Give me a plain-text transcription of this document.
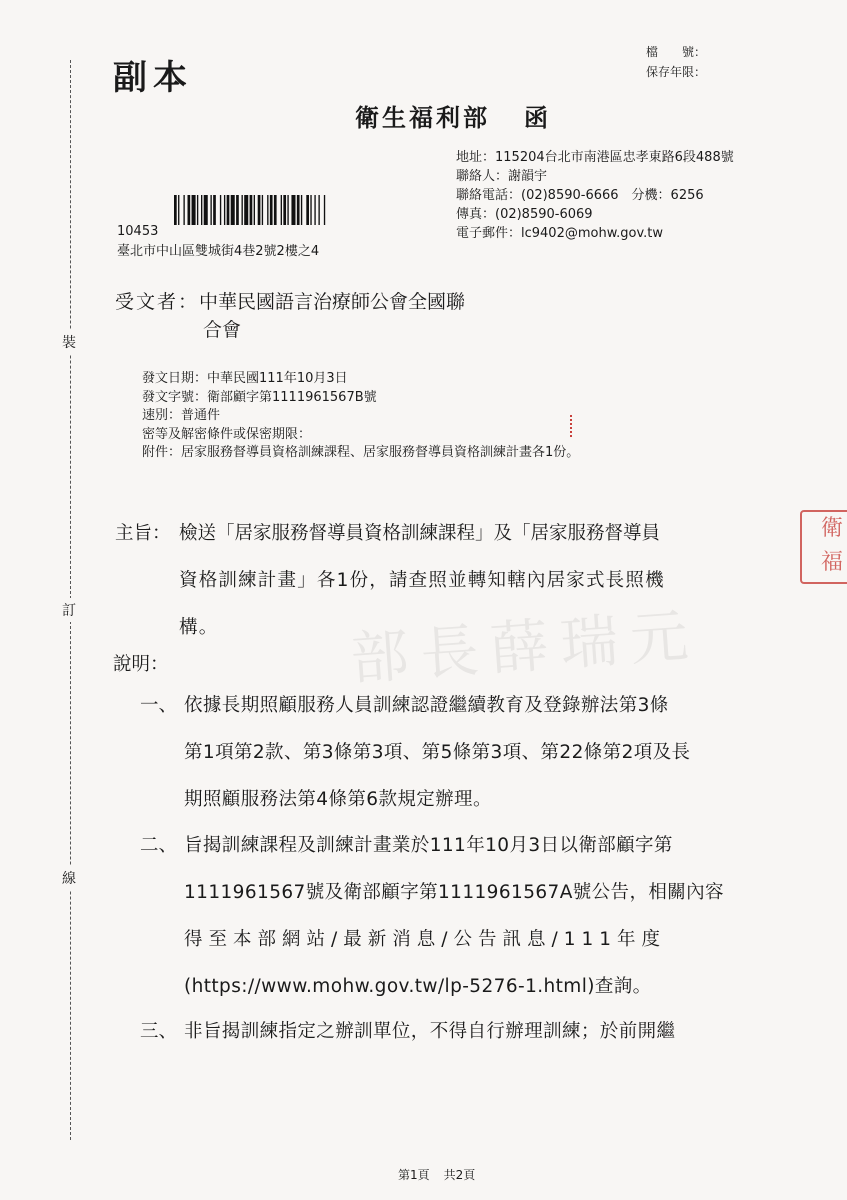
裝
訂
線
副本
檔　　號：
保存年限：
衛生福利部 函
地址：115204台北市南港區忠孝東路6段488號
聯絡人：謝韻宇
聯絡電話：(02)8590-6666　分機：6256
傳真：(02)8590-6069
電子郵件：lc9402@mohw.gov.tw
10453
臺北市中山區雙城街4巷2號2樓之4
受文者：中華民國語言治療師公會全國聯
合會
發文日期：中華民國111年10月3日
發文字號：衛部顧字第1111961567B號
速別：普通件
密等及解密條件或保密期限：
附件：居家服務督導員資格訓練課程、居家服務督導員資格訓練計畫各1份。
部長薛瑞元
主旨： 檢送「居家服務督導員資格訓練課程」及「居家服務督導員
資格訓練計畫」各1份，請查照並轉知轄內居家式長照機
構。
衛
福
說明：
一、 依據長期照顧服務人員訓練認證繼續教育及登錄辦法第3條
第1項第2款、第3條第3項、第5條第3項、第22條第2項及長
期照顧服務法第4條第6款規定辦理。
二、 旨揭訓練課程及訓練計畫業於111年10月3日以衛部顧字第
1111961567號及衛部顧字第1111961567A號公告，相關內容
得至本部網站/最新消息/公告訊息/111年度
(https://www.mohw.gov.tw/lp-5276-1.html)查詢。
三、 非旨揭訓練指定之辦訓單位，不得自行辦理訓練；於前開繼
第1頁 共2頁
